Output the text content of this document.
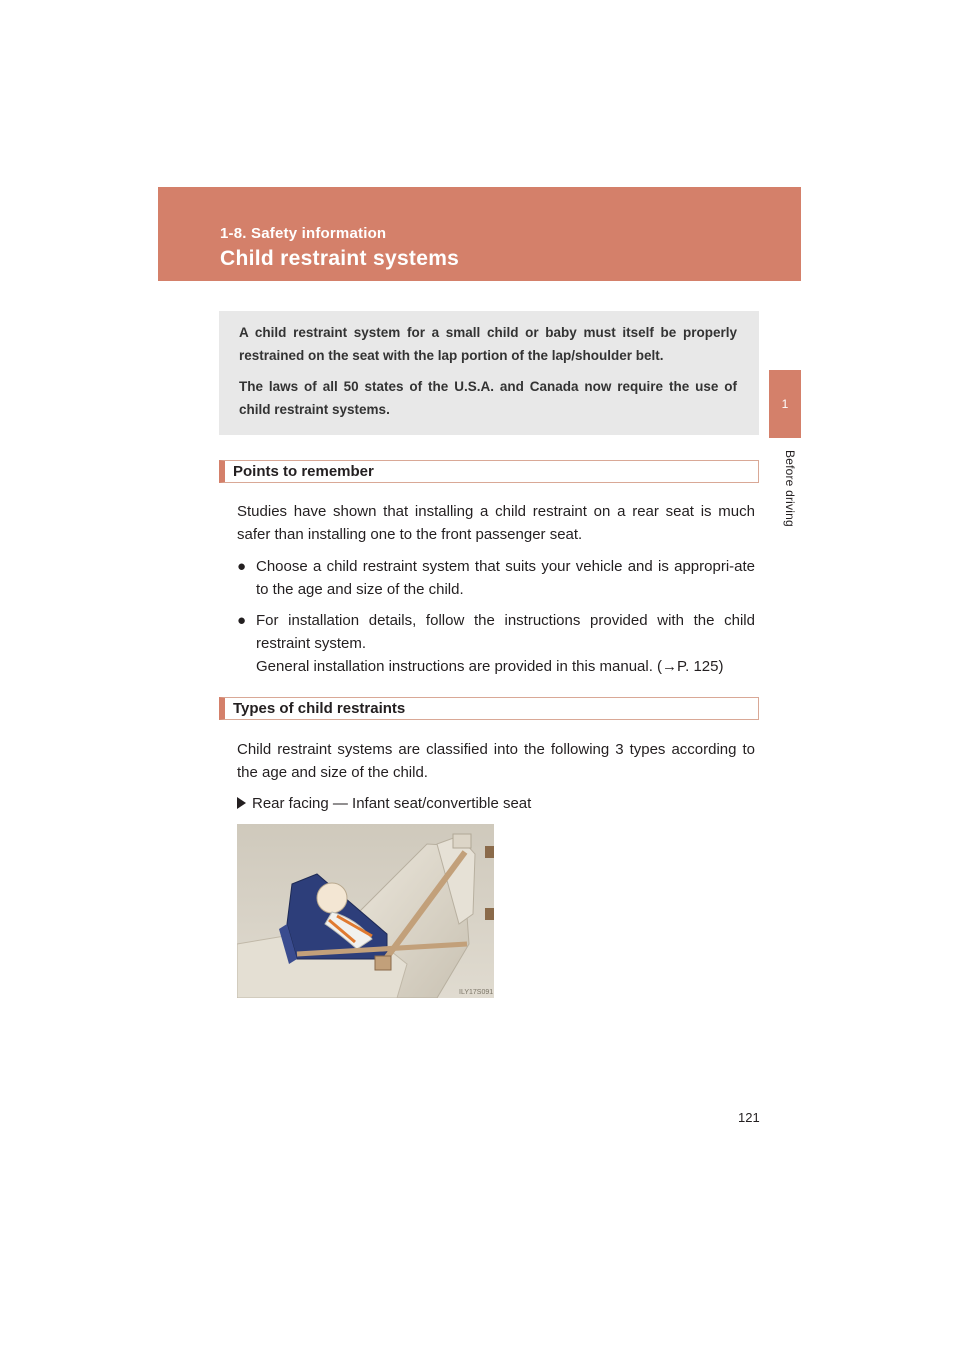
1-8. Safety information
Child restraint systems
1
Before driving

A child restraint system for a small child or baby must itself be properly restrained on the seat with the lap portion of the lap/shoulder belt.

The laws of all 50 states of the U.S.A. and Canada now require the use of child restraint systems.

Points to remember

Studies have shown that installing a child restraint on a rear seat is much safer than installing one to the front passenger seat.

● Choose a child restraint system that suits your vehicle and is appropri-ate to the age and size of the child.
● For installation details, follow the instructions provided with the child restraint system.
General installation instructions are provided in this manual. (→P. 125)
Types of child restraints

Child restraint systems are classified into the following 3 types according to the age and size of the child.

Rear facing — Infant seat/convertible seat
ILY17S091
121
